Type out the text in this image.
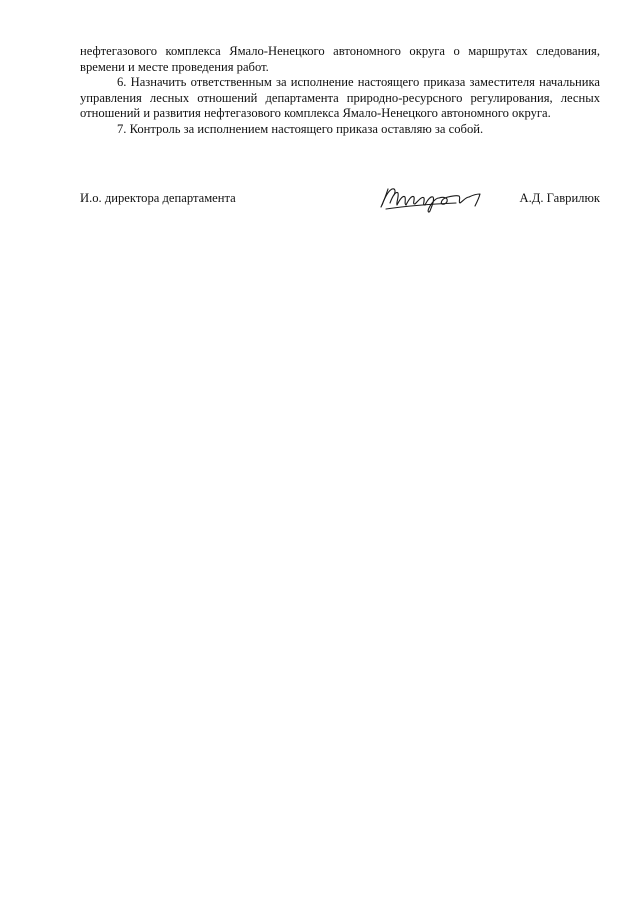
нефтегазового комплекса Ямало-Ненецкого автономного округа о маршрутах следования, времени и месте проведения работ.

6. Назначить ответственным за исполнение настоящего приказа заместителя начальника управления лесных отношений департамента природно-ресурсного регулирования, лесных отношений и развития нефтегазового комплекса Ямало-Ненецкого автономного округа.

7. Контроль за исполнением настоящего приказа оставляю за собой.

И.о. директора департамента	А.Д. Гаврилюк
